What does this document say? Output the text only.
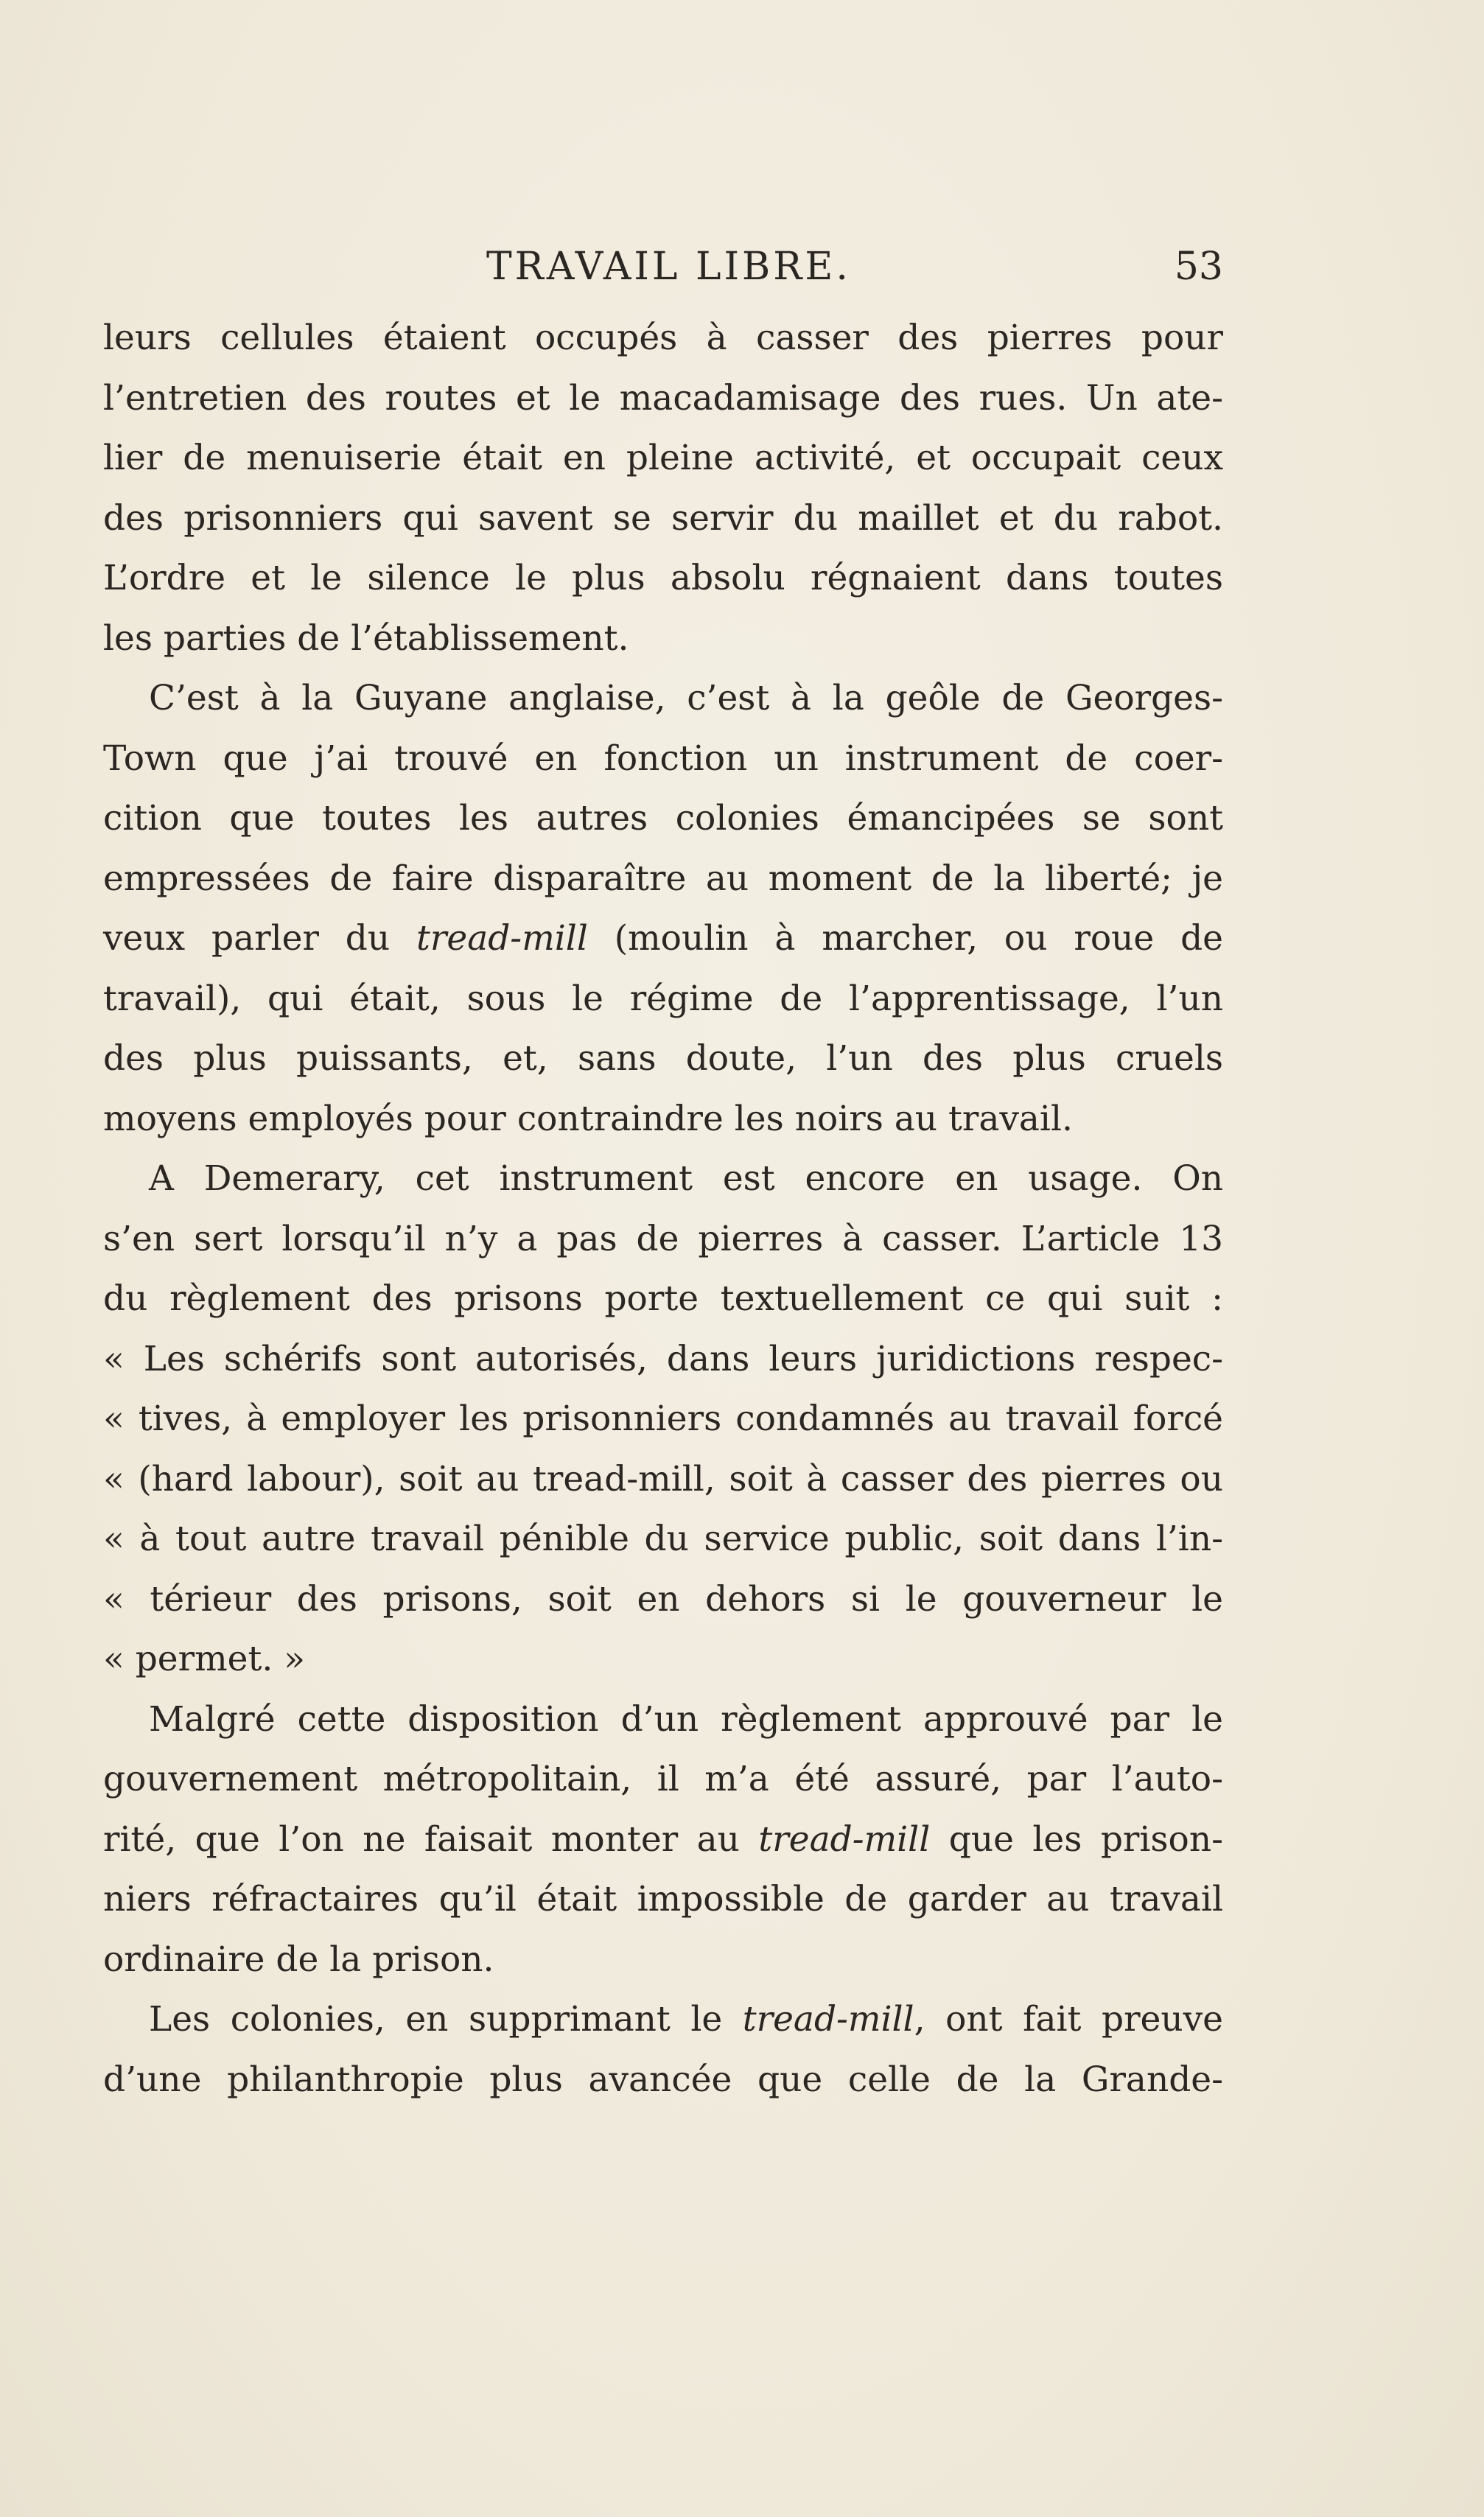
TRAVAIL LIBRE.	53
leurs cellules étaient occupés à casser des pierres pour
l’entretien des routes et le macadamisage des rues. Un ate-
lier de menuiserie était en pleine activité, et occupait ceux
des prisonniers qui savent se servir du maillet et du rabot.
L’ordre et le silence le plus absolu régnaient dans toutes
les parties de l’établissement.
C’est à la Guyane anglaise, c’est à la geôle de Georges-
Town que j’ai trouvé en fonction un instrument de coer-
cition que toutes les autres colonies émancipées se sont
empressées de faire disparaître au moment de la liberté; je
veux parler du tread-mill (moulin à marcher, ou roue de
travail), qui était, sous le régime de l’apprentissage, l’un
des plus puissants, et, sans doute, l’un des plus cruels
moyens employés pour contraindre les noirs au travail.
A Demerary, cet instrument est encore en usage. On
s’en sert lorsqu’il n’y a pas de pierres à casser. L’article 13
du règlement des prisons porte textuellement ce qui suit :
« Les schérifs sont autorisés, dans leurs juridictions respec-
« tives, à employer les prisonniers condamnés au travail forcé
« (hard labour), soit au tread-mill, soit à casser des pierres ou
« à tout autre travail pénible du service public, soit dans l’in-
« térieur des prisons, soit en dehors si le gouverneur le
« permet. »
Malgré cette disposition d’un règlement approuvé par le
gouvernement métropolitain, il m’a été assuré, par l’auto-
rité, que l’on ne faisait monter au tread-mill que les prison-
niers réfractaires qu’il était impossible de garder au travail
ordinaire de la prison.
Les colonies, en supprimant le tread-mill, ont fait preuve
d’une philanthropie plus avancée que celle de la Grande-
